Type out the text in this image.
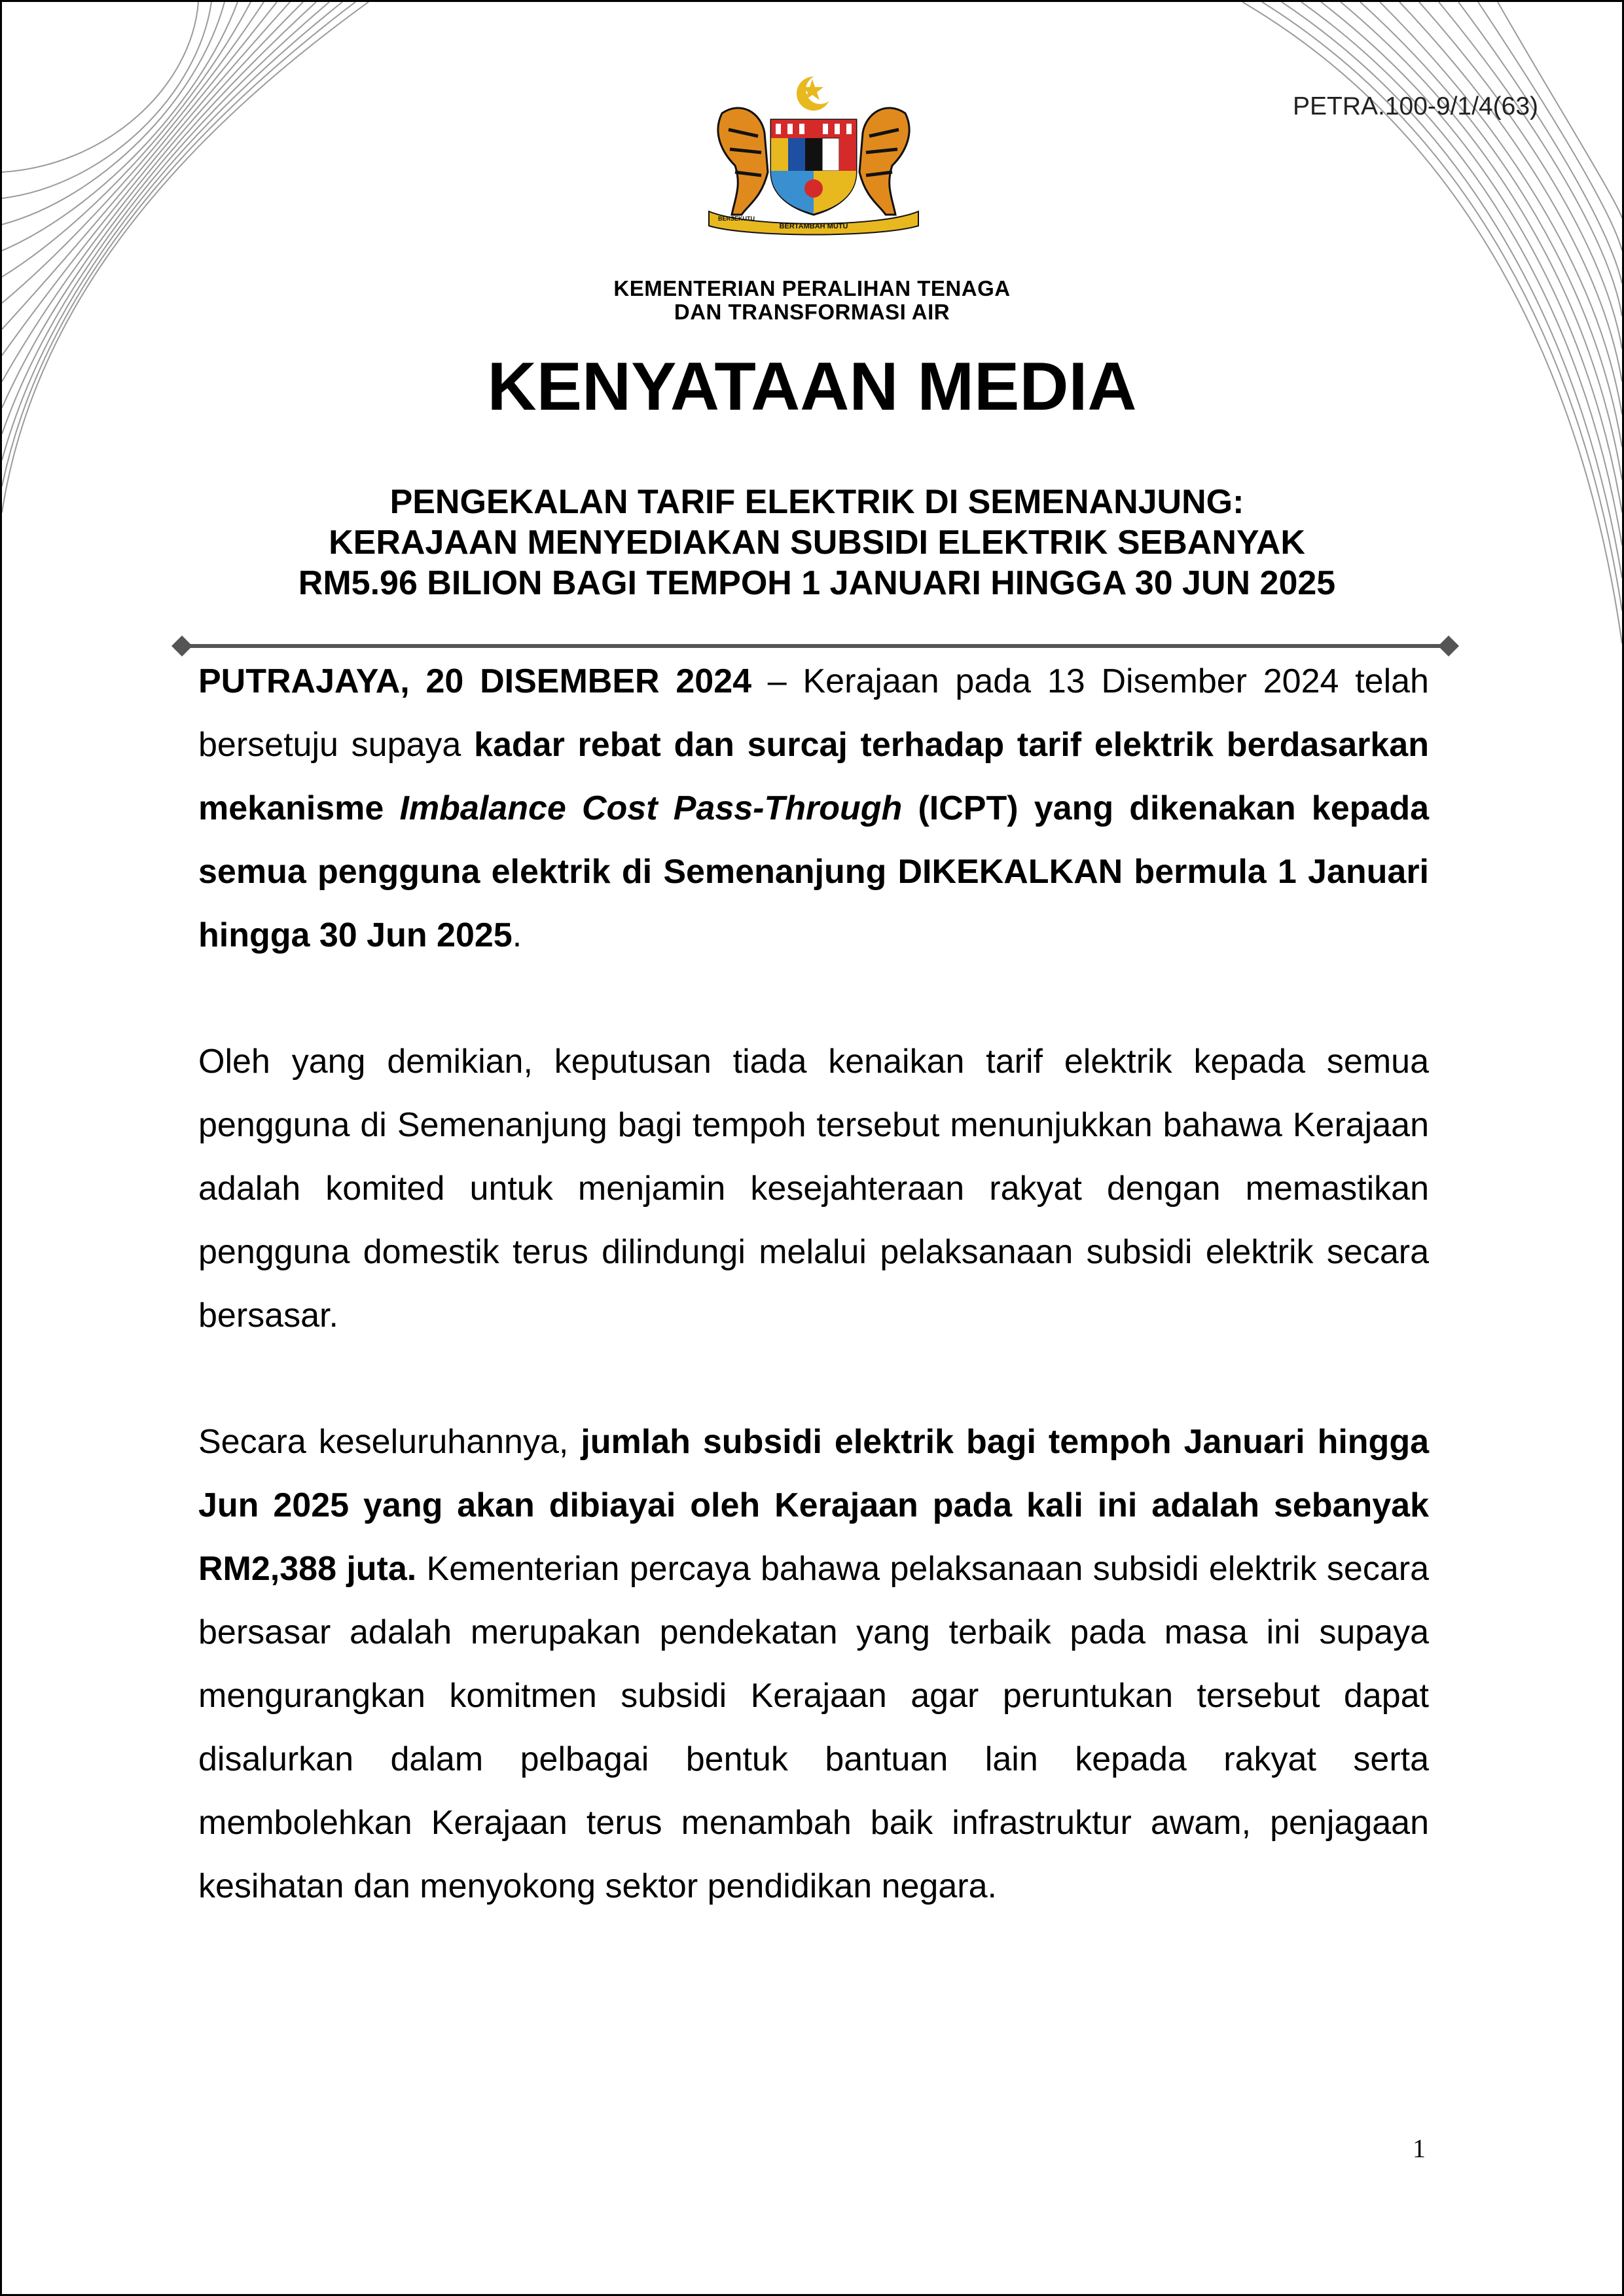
PETRA.100-9/1/4(63)
BERTAMBAH MUTU
BERSEKUTU
KEMENTERIAN PERALIHAN TENAGA
DAN TRANSFORMASI AIR
KENYATAAN MEDIA
PENGEKALAN TARIF ELEKTRIK DI SEMENANJUNG:
KERAJAAN MENYEDIAKAN SUBSIDI ELEKTRIK SEBANYAK
RM5.96 BILION BAGI TEMPOH 1 JANUARI HINGGA 30 JUN 2025

PUTRAJAYA, 20 DISEMBER 2024 – Kerajaan pada 13 Disember 2024 telah bersetuju supaya kadar rebat dan surcaj terhadap tarif elektrik berdasarkan mekanisme Imbalance Cost Pass-Through (ICPT) yang dikenakan kepada semua pengguna elektrik di Semenanjung DIKEKALKAN bermula 1 Januari hingga 30 Jun 2025.

Oleh yang demikian, keputusan tiada kenaikan tarif elektrik kepada semua pengguna di Semenanjung bagi tempoh tersebut menunjukkan bahawa Kerajaan adalah komited untuk menjamin kesejahteraan rakyat dengan memastikan pengguna domestik terus dilindungi melalui pelaksanaan subsidi elektrik secara bersasar.

Secara keseluruhannya, jumlah subsidi elektrik bagi tempoh Januari hingga Jun 2025 yang akan dibiayai oleh Kerajaan pada kali ini adalah sebanyak RM2,388 juta. Kementerian percaya bahawa pelaksanaan subsidi elektrik secara bersasar adalah merupakan pendekatan yang terbaik pada masa ini supaya mengurangkan komitmen subsidi Kerajaan agar peruntukan tersebut dapat disalurkan dalam pelbagai bentuk bantuan lain kepada rakyat serta membolehkan Kerajaan terus menambah baik infrastruktur awam, penjagaan kesihatan dan menyokong sektor pendidikan negara.

1
